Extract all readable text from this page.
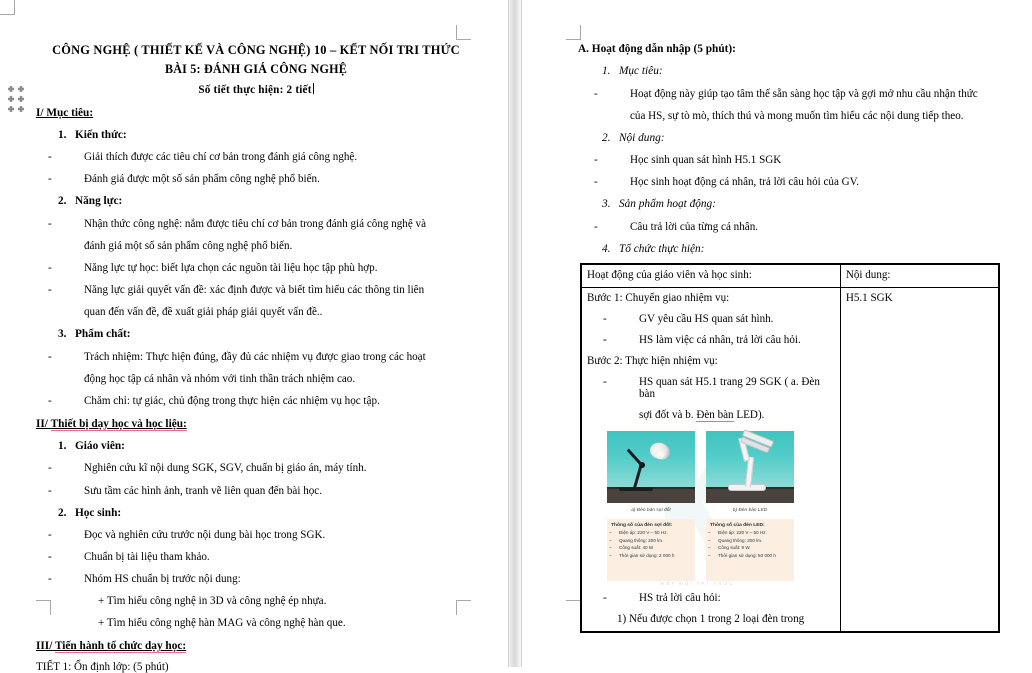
CÔNG NGHỆ ( THIẾT KẾ VÀ CÔNG NGHỆ) 10 – KẾT NỐI TRI THỨC

BÀI 5: ĐÁNH GIÁ CÔNG NGHỆ

Số tiết thực hiện: 2 tiết

I/ Mục tiêu:

1. Kiến thức:

- Giải thích được các tiêu chí cơ bản trong đánh giá công nghệ.

- Đánh giá được một số sản phẩm công nghệ phổ biến.

2. Năng lực:

- Nhận thức công nghệ: nắm được tiêu chí cơ bản trong đánh giá công nghệ và

đánh giá một số sản phẩm công nghệ phổ biến.

- Năng lực tự học: biết lựa chọn các nguồn tài liệu học tập phù hợp.

- Năng lực giải quyết vấn đề: xác định được và biết tìm hiểu các thông tin liên

quan đến vấn đề, đề xuất giải pháp giải quyết vấn đề..

3. Phẩm chất:

- Trách nhiệm: Thực hiện đúng, đầy đủ các nhiệm vụ được giao trong các hoạt

động học tập cá nhân và nhóm với tinh thần trách nhiệm cao.

- Chăm chỉ: tự giác, chủ động trong thực hiện các nhiệm vụ học tập.

II/ Thiết bị dạy học và học liệu:

1. Giáo viên:

- Nghiên cứu kĩ nội dung SGK, SGV, chuẩn bị giáo án, máy tính.

- Sưu tầm các hình ảnh, tranh vẽ liên quan đến bài học.

2. Học sinh:

- Đọc và nghiên cứu trước nội dung bài học trong SGK.

- Chuẩn bị tài liệu tham khảo.

- Nhóm HS chuẩn bị trước nội dung:

+ Tìm hiểu công nghệ in 3D và công nghệ ép nhựa.

+ Tìm hiểu công nghệ hàn MAG và công nghệ hàn que.

III/ Tiến hành tổ chức dạy học:

TIẾT 1: Ổn định lớp: (5 phút)

A. Hoạt động dẫn nhập (5 phút):

1. Mục tiêu:

- Hoạt động này giúp tạo tâm thế sẵn sàng học tập và gợi mở nhu cầu nhận thức

của HS, sự tò mò, thích thú và mong muốn tìm hiểu các nội dung tiếp theo.

2. Nội dung:

- Học sinh quan sát hình H5.1 SGK

- Học sinh hoạt động cá nhân, trả lời câu hỏi của GV.

3. Sản phẩm hoạt động:

- Câu trả lời của từng cá nhân.

4. Tổ chức thực hiện:

Hoạt động của giáo viên và học sinh:	Nội dung:

Bước 1: Chuyển giao nhiệm vụ:

- GV yêu cầu HS quan sát hình.

- HS làm việc cá nhân, trả lời câu hỏi.

Bước 2: Thực hiện nhiệm vụ:

- HS quan sát H5.1 trang 29 SGK ( a. Đèn bàn

sợi đốt và b. Đèn bàn LED).

a) Đèn bàn sợi đốt	b) Đèn bàn LED
Thông số của đèn sợi đốt:
– Điện áp: 220 V – 50 Hz.
– Quang thông: 200 lm.
– Công suất: 40 W
– Thời gian sử dụng: 2 000 h
Thông số của đèn LED:
– Điện áp: 220 V – 50 Hz.
– Quang thông: 200 lm.
– Công suất: 9 W
– Thời gian sử dụng: 50 000 h
KẾT NỐI TRI THỨC

- HS trả lời câu hỏi:

1) Nếu được chọn 1 trong 2 loại đèn trong

	H5.1 SGK
